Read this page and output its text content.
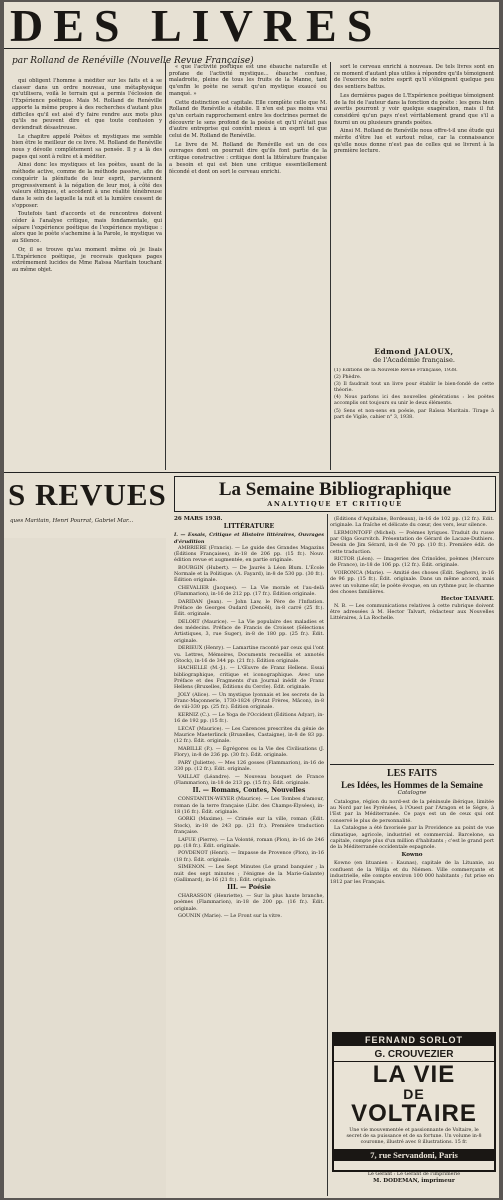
DES LIVRES
par Rolland de Renéville (Nouvelle Revue Française)

qui obligent l'homme à méditer sur les faits et à se classer dans un ordre nouveau, une métaphysique qu'utilisera, voilà le terrain qui a permis l'éclosion de l'Expérience poétique. Mais M. Rolland de Renéville apporte la même propre à des recherches d'autant plus difficiles qu'il est aisé d'y faire rendre aux mots plus qu'ils ne peuvent dire et que toute confusion y deviendrait désastreuse.

Le chapitre appelé Poètes et mystiques me semble bien être le meilleur de ce livre. M. Rolland de Renéville nous y dévoile complètement sa pensée. Il y a là des pages qui sont à relire et à méditer.

Ainsi donc les mystiques et les poètes, usant de la méthode active, comme de la méthode passive, afin de conquérir la plénitude de leur esprit, parviennent progressivement à la négation de leur moi, à côté des valeurs éthiques, et accèdent à une réalité ténébreuse dans le sein de laquelle la nuit et la lumière cessent de s'opposer.

Toutefois tant d'accords et de rencontres doivent céder à l'analyse critique, mais fondamentale, qui sépare l'expérience poétique de l'expérience mystique : alors que le poète s'achemine à la Parole, le mystique va au Silence.

Or, il se trouve qu'au moment même où je lisais L'Expérience poétique, je recevais quelques pages extrêmement lucides de Mme Raïssa Maritain touchant au même objet.

« que l'activité poétique est une ébauche naturelle et profane de l'activité mystique... ébauche confuse, maladroite, pleine de tous les fruits de la Manne, tant qu'enfin le poète ne serait qu'un mystique exaucé ou manqué. »

Cette distinction est capitale. Elle complète celle que M. Rolland de Renéville a établie. Il n'en est pas moins vrai qu'un certain rapprochement entre les doctrines permet de découvrir le sens profond de la poésie et qu'il n'était pas d'autre entreprise qui convînt mieux à un esprit tel que celui de M. Rolland de Renéville.

Le livre de M. Rolland de Renéville est un de ces ouvrages dont on pourrait dire qu'ils font partie de la critique constructive : critique dont la littérature française a besoin et qui est bien une critique essentiellement fécondé et dont on sort le cerveau enrichi.

sort le cerveau enrichi à nouveau. De tels livres sont en ce moment d'autant plus utiles à répondre qu'ils témoignent de l'exercice de notre esprit qu'il s'éloignent quelque peu des sentiers battus.

Les dernières pages de L'Expérience poétique témoignent de la foi de l'auteur dans la fonction du poète : les gens bien avertis pourront y voir quelque exagération, mais il fut considéré qu'un pays n'est véritablement grand que s'il a fourni un ou plusieurs grands poètes.

Ainsi M. Rolland de Renéville nous offre-t-il une étude qui mérite d'être lue et surtout relue, car la connaissance qu'elle nous donne n'est pas de celles qui se livrent à la première lecture.

Edmond JALOUX,
de l'Académie française.

(1) Éditions de la Nouvelle Revue Française, 1938.

(2) Phèdre.

(3) Il faudrait tout un livre pour établir le bien-fondé de cette théorie.

(4) Nous parlons ici des nouvelles générations : les poètes accomplis ont toujours su unir le deux éléments.

(5) Sens et non-sens en poésie, par Raïssa Maritain. Tirage à part de Vigile, cahier n° 3, 1938.

S REVUES
ques Maritain, Henri Pourrat, Gabriel Mar...
La Semaine Bibliographique
ANALYTIQUE ET CRITIQUE
26 MARS 1938.
LITTÉRATURE
I. — Essais, Critique et Histoire littéraires, Ouvrages d'érudition

AMBRIERE (Francis). — Le guide des Grandes Magazins (Éditions Françaises), in-18 de 206 pp. (15 fr.). Nouv. édition revue et augmentée, en partie originale.

BOURGIN (Hubert). — De Jaurès à Léon Blum. L'École Normale et la Politique. (A. Fayard), in-8 de 530 pp. (30 fr.). Édition originale.

CHEVALIER (Jacques). — La Vie morale et l'au-delà (Flammarion), in-16 de 212 pp. (17 fr.). Édition originale.

DARIDAN (Jean). — John Law, le Père de l'Inflation. Préface de Georges Oudard (Denoël), in-8 carré (25 fr.). Édit. originale.

DELORT (Maurice). — La Vie populaire des maladies et des médecins. Préface de Francis de Croisset (Sélections Artistiques, 3, rue Suger), in-8 de 180 pp. (25 fr.). Édit. originale.

DERIEUX (Henry). — Lamartine raconté par ceux qui l'ont vu. Lettres, Mémoires, Documents recueillis et annotés (Stock), in-16 de 344 pp. (21 fr.). Édition originale.

HACHELLE (M.-J.). — L'Œuvre de Franz Hellens. Essai bibliographique, critique et iconographique. Avec une Préface et des Fragments d'un Journal inédit de Franz Hellens (Bruxelles, Éditions du Cercle). Édit. originale.

JOLY (Alice). — Un mystique lyonnais et les secrets de la Franc-Maçonnerie, 1730-1824 (Protat Frères, Mâcon), in-8 de viii-330 pp. (25 fr.). Édition originale.

KERNIZ (C.). — Le Yoga de l'Occident (Éditions Adyar), in-16 de 192 pp. (15 fr.).

LECAT (Maurice). — Les Carences prescrites du génie de Maurice Maeterlinck (Bruxelles, Castaigne), in-8 de 83 pp. (12 fr.). Édit. originale.

MABILLE (P.). — Égrégores ou la Vie des Civilisations (J. Flory), in-8 de 236 pp. (30 fr.). Édit. originale.

PARY (Juliette). — Mes 126 gosses (Flammarion), in-16 de 330 pp. (12 fr.). Édit. originale.

VAILLAT (Léandre). — Nouveau bouquet de France (Flammarion), in-18 de 213 pp. (15 fr.). Édit. originale.

II. — Romans, Contes, Nouvelles

CONSTANTIN-WEYER (Maurice). — Les Tombes d'amour, roman de la terre française (Libr. des Champs-Élysées), in-18 (16 fr.). Édit. originale.

GORKI (Maxime). — Crimée sur la ville, roman (Édit. Stock), in-18 de 243 pp. (21 fr.). Première traduction française.

LAFUE (Pierre). — La Volonté, roman (Plon), in-16 de 246 pp. (18 fr.). Édit. originale.

POVDENOT (Henri). — Impasse de Provence (Plon), in-16 (18 fr.). Édit. originale.

SIMENON. — Les Sept Minutes (Le grand banquier ; la nuit des sept minutes ; l'énigme de la Marie-Galante) (Gallimard), in-16 (21 fr.). Édit. originale.

III. — Poésie

CHARASSON (Henriette). — Sur la plus haute branche, poèmes (Flammarion), in-18 de 200 pp. (16 fr.). Édit. originale.

GOUNIN (Marie). — Le Front sur la vitre.

(Éditions d'Aquitaine, Bordeaux), in-16 de 102 pp. (12 fr.). Édit. originale. La fraîche et délicate du cœur, des vers, leur silence.

LERMONTOFF (Michel). — Poèmes lyriques. Traduit du russe par Olga Gourvitch. Présentation de Gérard de Lacaze-Duthiers. Dessin de Jim Sérard, in-8 de 70 pp. (10 fr.). Première édit. de cette traduction.

RICTOR (Léon). — Imageries des Crinoïdes, poèmes (Mercure de France), in-18 de 106 pp. (12 fr.). Édit. originale.

VOIRONCA (Marie). — Amitié des choses (Édit. Seghers), in-16 de 96 pp. (15 fr.). Édit. originale. Dans un même accord, mais avec un volume sûr, le poète évoque, en un rythme pur, le charme des choses familières.

Hector TALVART.

N. B. — Les communications relatives à cette rubrique doivent être adressées à M. Hector Talvart, rédacteur aux Nouvelles Littéraires, à La Rochelle.

LES FAITS
Les Idées, les Hommes de la Semaine
Catalogne

Catalogne, région du nord-est de la péninsule ibérique, limitée au Nord par les Pyrénées, à l'Ouest par l'Aragon et le Ségre, à l'Est par la Méditerranée. Ce pays est un de ceux qui ont conservé le plus de personnalité.

La Catalogne a été favorisée par la Providence au point de vue climatique, agricole, industriel et commercial. Barcelone, sa capitale, compte plus d'un million d'habitants ; c'est le grand port de la Méditerranée occidentale espagnole.

Kowno

Kowno (en lituanien : Kaunas), capitale de la Lituanie, au confluent de la Wilija et du Niémen. Ville commerçante et industrielle, elle compte environ 100 000 habitants ; fut prise en 1812 par les Français.

FERNAND SORLOT
G. CROUVEZIER
LA VIE
DE
VOLTAIRE
Une vie mouvementée et passionnante de Voltaire, le secret de sa puissance et de sa fortune. Un volume in-8 couronne, illustré avec 8 illustrations. 15 fr.
7, rue Servandoni, Paris
Le Gérant : Le Gérant de l'imprimerie
M. DODEMAN, imprimeur
